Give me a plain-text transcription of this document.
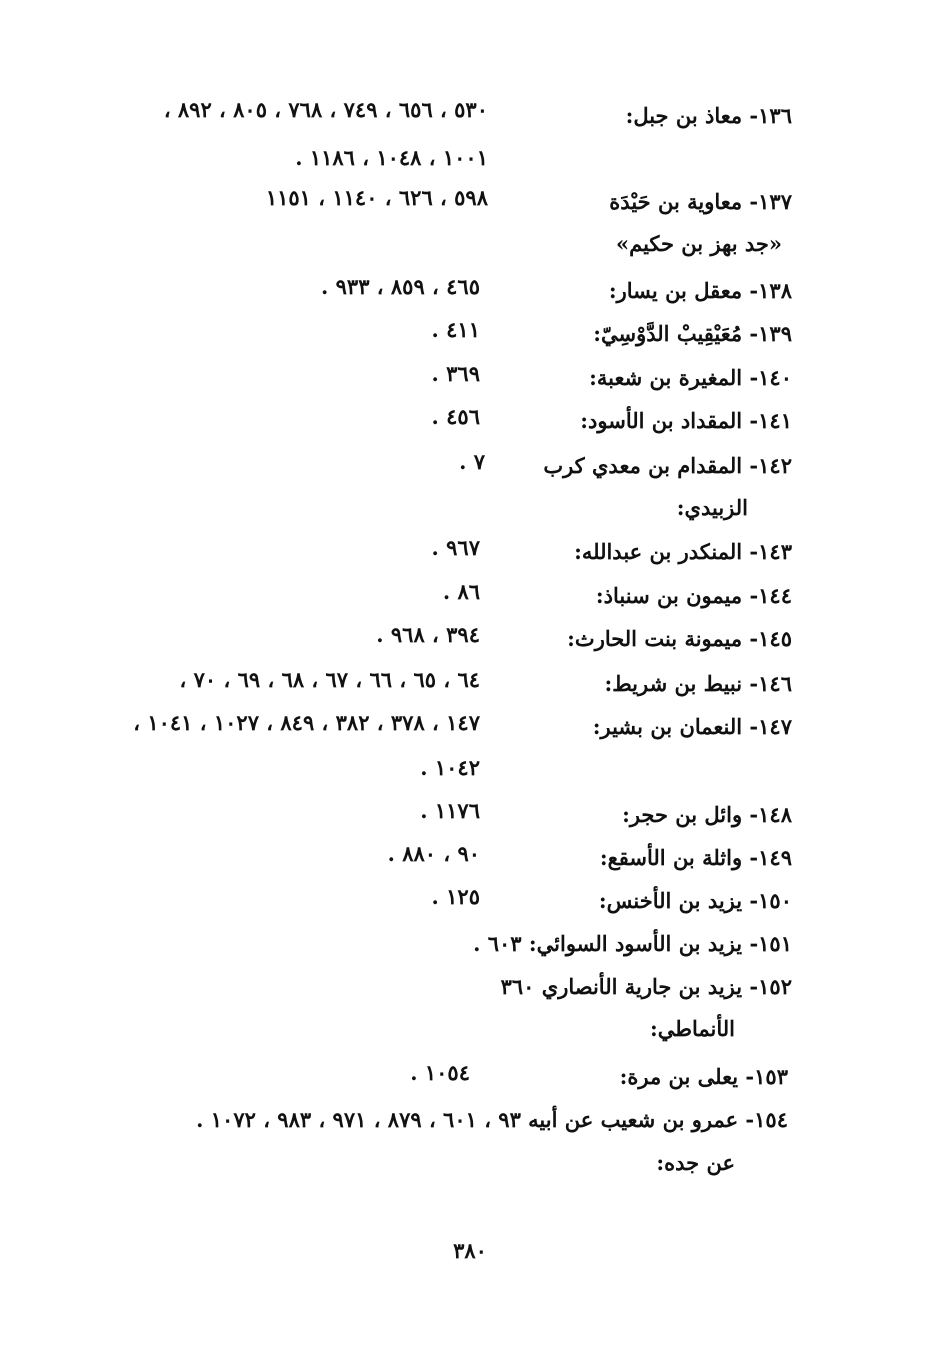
١٣٦- معاذ بن جبل:
٥٣٠ ، ٦٥٦ ، ٧٤٩ ، ٧٦٨ ، ٨٠٥ ، ٨٩٢ ،
١٠٠١ ، ١٠٤٨ ، ١١٨٦ .
١٣٧- معاوية بن حَيْدَة
٥٩٨ ، ٦٢٦ ، ١١٤٠ ، ١١٥١
«جد بهز بن حكيم»
١٣٨- معقل بن يسار:
٤٦٥ ، ٨٥٩ ، ٩٣٣ .
١٣٩- مُعَيْقِيبْ الدَّوْسِيّ:
٤١١ .
١٤٠- المغيرة بن شعبة:
٣٦٩ .
١٤١- المقداد بن الأسود:
٤٥٦ .
١٤٢- المقدام بن معدي كرب
٧ .
الزبيدي:
١٤٣- المنكدر بن عبدالله:
٩٦٧ .
١٤٤- ميمون بن سنباذ:
٨٦ .
١٤٥- ميمونة بنت الحارث:
٣٩٤ ، ٩٦٨ .
١٤٦- نبيط بن شريط:
٦٤ ، ٦٥ ، ٦٦ ، ٦٧ ، ٦٨ ، ٦٩ ، ٧٠ ،
١٤٧- النعمان بن بشير:
١٤٧ ، ٣٧٨ ، ٣٨٢ ، ٨٤٩ ، ١٠٢٧ ، ١٠٤١ ،
١٠٤٢ .
١٤٨- وائل بن حجر:
١١٧٦ .
١٤٩- واثلة بن الأسقع:
٩٠ ، ٨٨٠ .
١٥٠- يزيد بن الأخنس:
١٢٥ .
١٥١- يزيد بن الأسود السوائي: ٦٠٣ .
١٥٢- يزيد بن جارية الأنصاري ٣٦٠
الأنماطي:
١٥٣- يعلى بن مرة:
١٠٥٤ .
١٥٤- عمرو بن شعيب عن أبيه ٩٣ ، ٦٠١ ، ٨٧٩ ، ٩٧١ ، ٩٨٣ ، ١٠٧٢ .
عن جده:
٣٨٠
